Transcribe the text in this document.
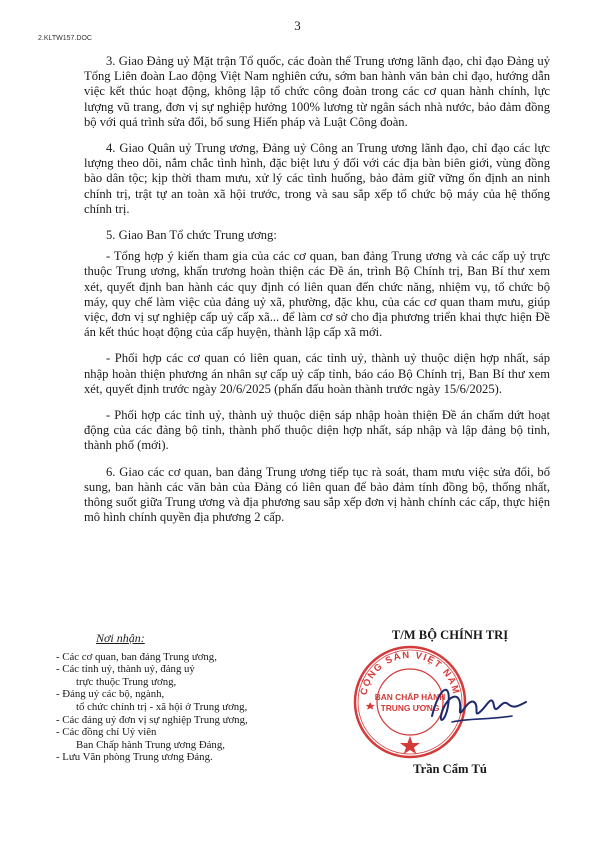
3
2.KLTW157.DOC

3. Giao Đảng uỷ Mặt trận Tổ quốc, các đoàn thể Trung ương lãnh đạo, chỉ đạo Đảng uỷ Tổng Liên đoàn Lao động Việt Nam nghiên cứu, sớm ban hành văn bản chỉ đạo, hướng dẫn việc kết thúc hoạt động, không lập tổ chức công đoàn trong các cơ quan hành chính, lực lượng vũ trang, đơn vị sự nghiệp hưởng 100% lương từ ngân sách nhà nước, bảo đảm đồng bộ với quá trình sửa đổi, bổ sung Hiến pháp và Luật Công đoàn.

4. Giao Quân uỷ Trung ương, Đảng uỷ Công an Trung ương lãnh đạo, chỉ đạo các lực lượng theo dõi, nắm chắc tình hình, đặc biệt lưu ý đối với các địa bàn biên giới, vùng đồng bào dân tộc; kịp thời tham mưu, xử lý các tình huống, bảo đảm giữ vững ổn định an ninh chính trị, trật tự an toàn xã hội trước, trong và sau sắp xếp tổ chức bộ máy của hệ thống chính trị.

5. Giao Ban Tổ chức Trung ương:

- Tổng hợp ý kiến tham gia của các cơ quan, ban đảng Trung ương và các cấp uỷ trực thuộc Trung ương, khẩn trương hoàn thiện các Đề án, trình Bộ Chính trị, Ban Bí thư xem xét, quyết định ban hành các quy định có liên quan đến chức năng, nhiệm vụ, tổ chức bộ máy, quy chế làm việc của đảng uỷ xã, phường, đặc khu, của các cơ quan tham mưu, giúp việc, đơn vị sự nghiệp cấp uỷ cấp xã... để làm cơ sở cho địa phương triển khai thực hiện Đề án kết thúc hoạt động của cấp huyện, thành lập cấp xã mới.

- Phối hợp các cơ quan có liên quan, các tỉnh uỷ, thành uỷ thuộc diện hợp nhất, sáp nhập hoàn thiện phương án nhân sự cấp uỷ cấp tỉnh, báo cáo Bộ Chính trị, Ban Bí thư xem xét, quyết định trước ngày 20/6/2025 (phấn đấu hoàn thành trước ngày 15/6/2025).

- Phối hợp các tỉnh uỷ, thành uỷ thuộc diện sáp nhập hoàn thiện Đề án chấm dứt hoạt động của các đảng bộ tỉnh, thành phố thuộc diện hợp nhất, sáp nhập và lập đảng bộ tỉnh, thành phố (mới).

6. Giao các cơ quan, ban đảng Trung ương tiếp tục rà soát, tham mưu việc sửa đổi, bổ sung, ban hành các văn bản của Đảng có liên quan để bảo đảm tính đồng bộ, thống nhất, thông suốt giữa Trung ương và địa phương sau sắp xếp đơn vị hành chính các cấp, thực hiện mô hình chính quyền địa phương 2 cấp.

Nơi nhận:
- Các cơ quan, ban đảng Trung ương,
- Các tỉnh uỷ, thành uỷ, đảng uỷ
trực thuộc Trung ương,
- Đảng uỷ các bộ, ngành,
tổ chức chính trị - xã hội ở Trung ương,
- Các đảng uỷ đơn vị sự nghiệp Trung ương,
- Các đồng chí Uỷ viên
Ban Chấp hành Trung ương Đảng,
- Lưu Văn phòng Trung ương Đảng.
T/M BỘ CHÍNH TRỊ
CỘNG SẢN VIỆT NAM
BAN CHẤP HÀNH
TRUNG ƯƠNG
Trần Cẩm Tú
